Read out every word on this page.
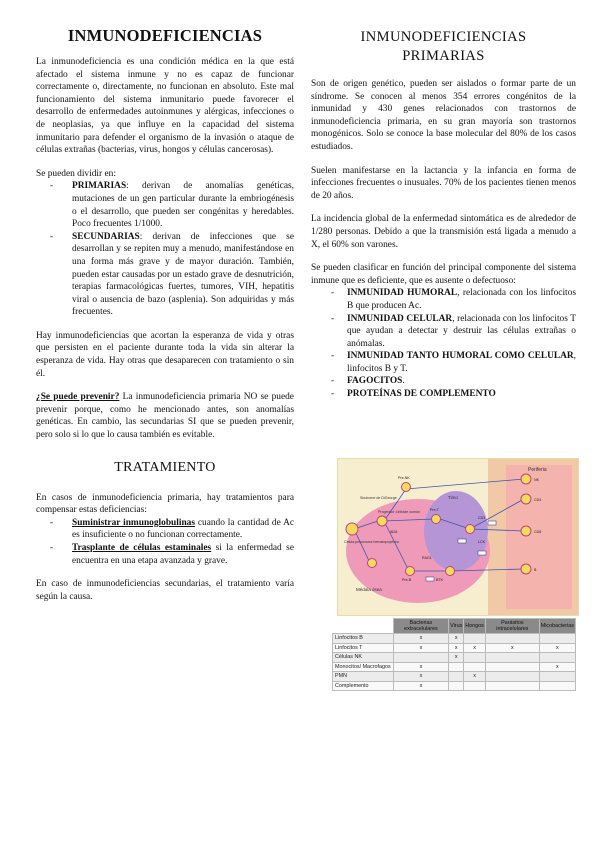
INMUNODEFICIENCIAS

La inmunodeficiencia es una condición médica en la que está afectado el sistema inmune y no es capaz de funcionar correctamente o, directamente, no funcionan en absoluto. Este mal funcionamiento del sistema inmunitario puede favorecer el desarrollo de enfermedades autoinmunes y alérgicas, infecciones o de neoplasias, ya que influye en la capacidad del sistema inmunitario para defender el organismo de la invasión o ataque de células extrañas (bacterias, virus, hongos y células cancerosas).

Se pueden dividir en:

- PRIMARIAS: derivan de anomalías genéticas, mutaciones de un gen particular durante la embriogénesis o el desarrollo, que pueden ser congénitas y heredables. Poco frecuentes 1/1000.
- SECUNDARIAS: derivan de infecciones que se desarrollan y se repiten muy a menudo, manifestándose en una forma más grave y de mayor duración. También, pueden estar causadas por un estado grave de desnutrición, terapias farmacológicas fuertes, tumores, VIH, hepatitis viral o ausencia de bazo (asplenia). Son adquiridas y más frecuentes.

Hay inmunodeficiencias que acortan la esperanza de vida y otras que persisten en el paciente durante toda la vida sin alterar la esperanza de vida. Hay otras que desaparecen con tratamiento o sin él.

¿Se puede prevenir? La inmunodeficiencia primaria NO se puede prevenir porque, como he mencionado antes, son anomalías genéticas. En cambio, las secundarias SI que se pueden prevenir, pero solo si lo que lo causa también es evitable.

TRATAMIENTO

En casos de inmunodeficiencia primaria, hay tratamientos para compensar estas deficiencias:

- Suministrar inmunoglobulinas cuando la cantidad de Ac es insuficiente o no funcionan correctamente.
- Trasplante de células estaminales si la enfermedad se encuentra en una etapa avanzada y grave.

En caso de inmunodeficiencias secundarias, el tratamiento varía según la causa.

INMUNODEFICIENCIAS
PRIMARIAS

Son de origen genético, pueden ser aislados o formar parte de un síndrome. Se conocen al menos 354 errores congénitos de la inmunidad y 430 genes relacionados con trastornos de inmunodeficiencia primaria, en su gran mayoría son trastornos monogénicos. Solo se conoce la base molecular del 80% de los casos estudiados.

Suelen manifestarse en la lactancia y la infancia en forma de infecciones frecuentes o inusuales. 70% de los pacientes tienen menos de 20 años.

La incidencia global de la enfermedad sintomática es de alrededor de 1/280 personas. Debido a que la transmisión está ligada a menudo a X, el 60% son varones.

Se pueden clasificar en función del principal componente del sistema inmune que es deficiente, que es ausente o defectuoso:

- INMUNIDAD HUMORAL, relacionada con los linfocitos B que producen Ac.
- INMUNIDAD CELULAR, relacionada con los linfocitos T que ayudan a detectar y destruir las células extrañas o anómalas.
- INMUNIDAD TANTO HUMORAL COMO CELULAR, linfocitos B y T.
- FAGOCITOS.
- PROTEÍNAS DE COMPLEMENTO
Periferia
Médula ósea
Timo
Célula precursora hematopoyética
Progenitor Linfoide común
Sindrome de DiGeorge
Pre-NK	NK
CD4
CD8
Pre-B
B
ADA
RAG1
CD3
Pre-T
BTK
LCK
	Bacterias extracelulares	Virus	Hongos	Parásitos intracelulares	Micobacterias
Linfocitos B	x	x			
Linfocitos T	x	x	x	x	x
Células NK		x			
Monocitos/ Macrofagos	x				x
PMN	x		x		
Complemento	x				
